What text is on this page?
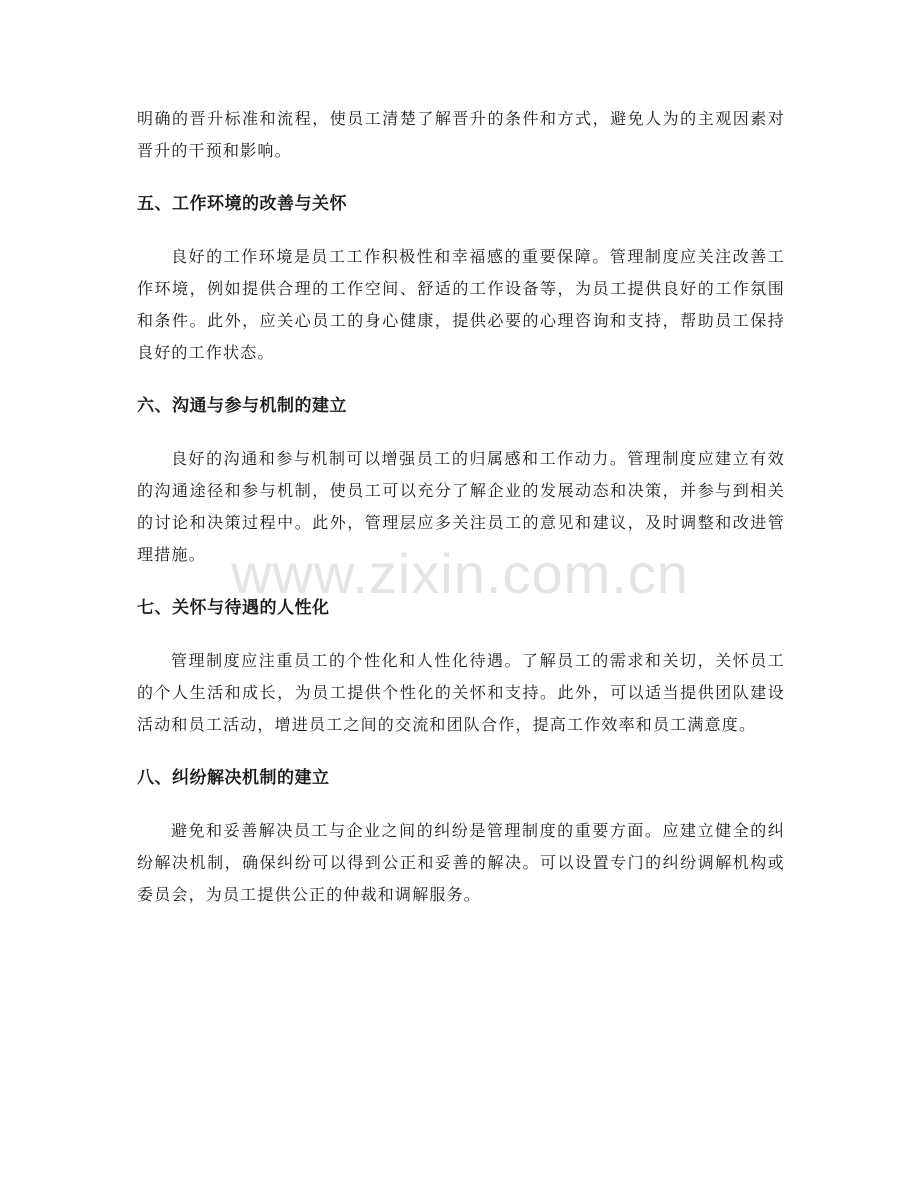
明确的晋升标准和流程，使员工清楚了解晋升的条件和方式，避免人为的主观因素对晋升的干预和影响。

五、工作环境的改善与关怀

良好的工作环境是员工工作积极性和幸福感的重要保障。管理制度应关注改善工作环境，例如提供合理的工作空间、舒适的工作设备等，为员工提供良好的工作氛围和条件。此外，应关心员工的身心健康，提供必要的心理咨询和支持，帮助员工保持良好的工作状态。

六、沟通与参与机制的建立

良好的沟通和参与机制可以增强员工的归属感和工作动力。管理制度应建立有效的沟通途径和参与机制，使员工可以充分了解企业的发展动态和决策，并参与到相关的讨论和决策过程中。此外，管理层应多关注员工的意见和建议，及时调整和改进管理措施。

七、关怀与待遇的人性化

管理制度应注重员工的个性化和人性化待遇。了解员工的需求和关切，关怀员工的个人生活和成长，为员工提供个性化的关怀和支持。此外，可以适当提供团队建设活动和员工活动，增进员工之间的交流和团队合作，提高工作效率和员工满意度。

八、纠纷解决机制的建立

避免和妥善解决员工与企业之间的纠纷是管理制度的重要方面。应建立健全的纠纷解决机制，确保纠纷可以得到公正和妥善的解决。可以设置专门的纠纷调解机构或委员会，为员工提供公正的仲裁和调解服务。

www.zixin.com.cn
